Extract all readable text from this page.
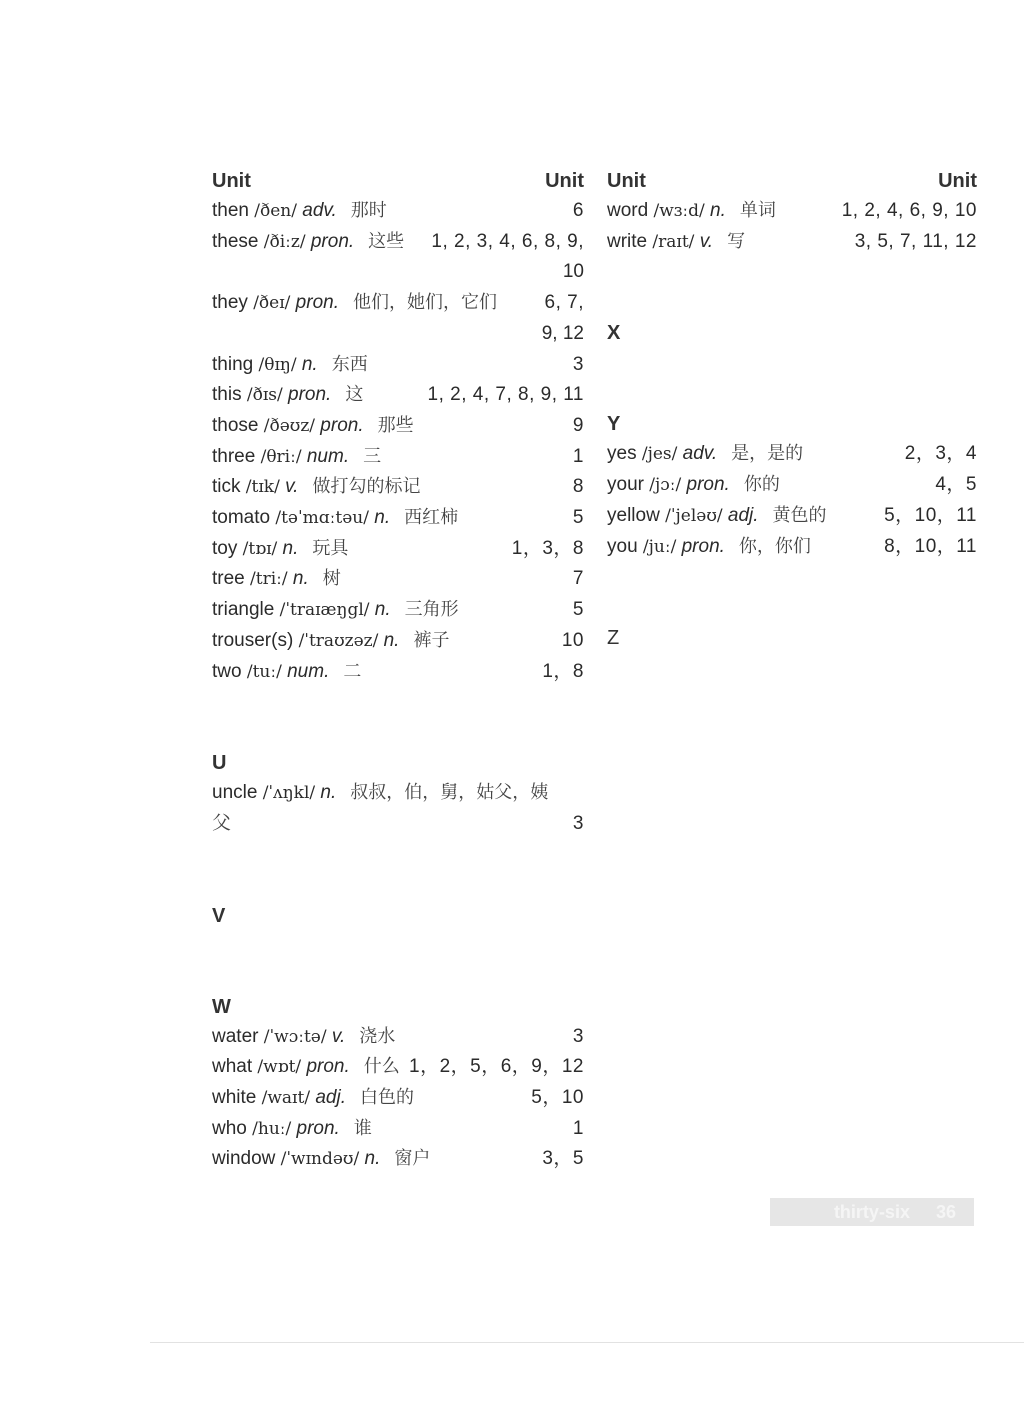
Unit	Unit
6
then /ðen/ adv. 那时
1, 2, 3, 4, 6, 8, 9,
these /ðiːz/ pron. 这些
10
6, 7,
they /ðeɪ/ pron. 他们，她们，它们
9, 12
3
thing /θɪŋ/ n. 东西
1, 2, 4, 7, 8, 9, 11
this /ðɪs/ pron. 这
9
those /ðəʊz/ pron. 那些
1
three /θriː/ num. 三
8
tick /tɪk/ v. 做打勾的标记
5
tomato /təˈmɑːtəu/ n. 西红柿
1，3，8
toy /tɒɪ/ n. 玩具
7
tree /triː/ n. 树
5
triangle /ˈtraɪæŋgl/ n. 三角形
10
trouser(s) /ˈtraʊzəz/ n. 裤子
1，8
two /tuː/ num. 二
U
uncle /ˈʌŋkl/ n. 叔叔，伯，舅，姑父，姨
3
父
V
W
3
water /ˈwɔːtə/ v. 浇水
1，2，5，6，9，12
what /wɒt/ pron. 什么
5，10
white /waɪt/ adj. 白色的
1
who /huː/ pron. 谁
3，5
window /ˈwɪndəʊ/ n. 窗户
Unit	Unit
1, 2, 4, 6, 9, 10
word /wɜːd/ n. 单词
3, 5, 7, 11, 12
write /raɪt/ v. 写
X
Y
2，3，4
yes /jes/ adv. 是，是的
4，5
your /jɔː/ pron. 你的
5，10，11
yellow /ˈjeləʊ/ adj. 黄色的
8，10，11
you /juː/ pron. 你，你们
Z
thirty-six 36
